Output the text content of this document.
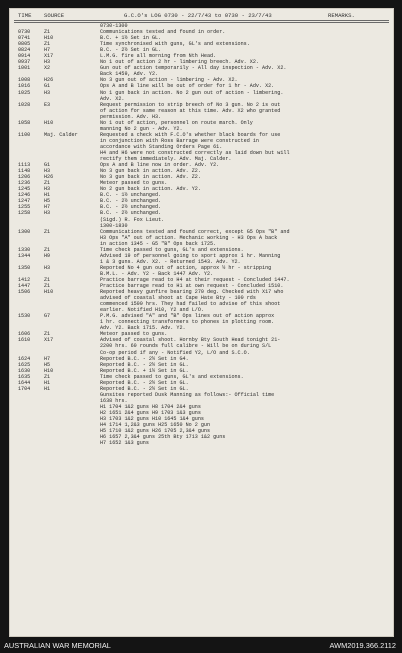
TIME SOURCE	G.C.O's LOG 0730 - 22/7/43 to 0730 - 23/7/43	REMARKS.
0730-1300
0730	Z1	Communications tested and found in order.
0741	H10	B.C. + 1½ Set in GL.
0805	Z1	Time synchronised with guns, GL's and extensions.
0824	H7	B.C. - 2½ Set in GL.
0914	X17	L.M.G. fire all morning from Nth Head.
0937	H3	No 1 out of action 2 hr - limbering breech. Adv. X2.
1001	X2	Gun out of action temporarily - All day inspection - Adv. X2.
Back 1459, Adv. Y2.
1008	H26	No 3 gun out of action - limbering - Adv. X2.
1016	G1	Ops A and B line will be out of order for 1 hr - Adv. X2.
1025	H3	No 1 gun back in action. No 2 gun out of action - limbering.
Adv. X2.
1028	E3	Request permission to strip breech of No 3 gun. No 2 is out
of action for same reason at this time. Adv. X2 who granted
permission. Adv. H3.
1058	H10	No 1 out of action, personnel on route march. Only
manning No 2 gun - Adv. Y2.
1100	Maj. Calder	Requested a check with F.C.O's whether black boards for use
in conjunction with Ross Barrage were constructed in
accordance with Standing Orders Page 61.
H4 and H6 were not constructed correctly as laid down but will
rectify them immediately. Adv. Maj. Calder.
1113	G1	Ops A and B line now in order. Adv. Y2.
1148	H3	No 3 gun back in action. Adv. Z2.
1206	H26	No 3 gun back in action. Adv. Z2.
1236	Z1	Meteor passed to guns.
1245	H3	No 2 gun back in action. Adv. Y2.
1246	H1	B.C. - 1½ unchanged.
1247	H5	B.C. - 2½ unchanged.
1255	H7	B.C. - 2½ unchanged.
1258	H3	B.C. - 2½ unchanged.
(Sigd.) R. Fox Lieut.
1300-1830
1300	Z1	Communications tested and found correct, except G5 Ops "B" and
H3 Ops "A" out of action. Mechanic working - H3 Ops A back
in action 1345 - G5 "B" Ops back 1725.
1330	Z1	Time check passed to guns, GL's and extensions.
1344	H9	Advised 19 of personnel going to sport approx 1 hr. Manning
1 & 3 guns. Adv. X2. - Returned 1543. Adv. Y2.
1350	H3	Reported No 4 gun out of action, approx ½ hr - stripping
B.M.L. - Adv. Y2 - Back 1447 Adv. Y2.
1412	Z1	Practice barrage read to H4 at their request - Concluded 1447.
1447	Z1	Practice barrage read to H1 at own request - Concluded 1510.
1506	H10	Reported heavy gunfire bearing 270 deg. Checked with X17 who
advised of coastal shoot at Cape Hate Bty - 100 rds
commenced 1500 hrs. They had failed to advise of this shoot
earlier. Notified H10, Y2 and L/O.
1530	G7	P.M.G. advised "A" and "B" Ops lines out of action approx
1 hr. connecting transformers to phones in plotting room.
Adv. Y2. Back 1715. Adv. Y2.
1606	Z1	Meteor passed to guns.
1610	X17	Advised of coastal shoot. Hornby Bty South Head tonight 21-
2200 hrs. 60 rounds full calibre - Will be on during S/L
Co-op period if any - Notified Y2, L/O and S.C.O.
1624	H7	Reported B.C. - 2½ Set in G4.
1625	H5	Reported B.C. - 2½ Set in GL.
1630	H10	Reported B.C. + 1½ Set in GL.
1635	Z1	Time check passed to guns, GL's and extensions.
1644	H1	Reported B.C. - 2½ Set in GL.
1704	H1	Reported B.C. - 2½ Set in GL.
Gunsites reported Dusk Manning as follows:- Official time
1638 hrs.
H1 1704 1&2 guns H8 1704 2&4 guns
H2 1651 2&4 guns H9 1703 1&3 guns
H3 1703 1&2 guns H10 1645 1&4 guns
H4 1714 1,2&3 guns H25 1650 No 2 gun
H5 1710 1&2 guns H26 1705 2,3&4 guns
H6 1657 2,3&4 guns 25th Bty 1713 1&2 guns
H7 1652 1&3 guns
AUSTRALIAN WAR MEMORIAL	AWM2019.366.2112
